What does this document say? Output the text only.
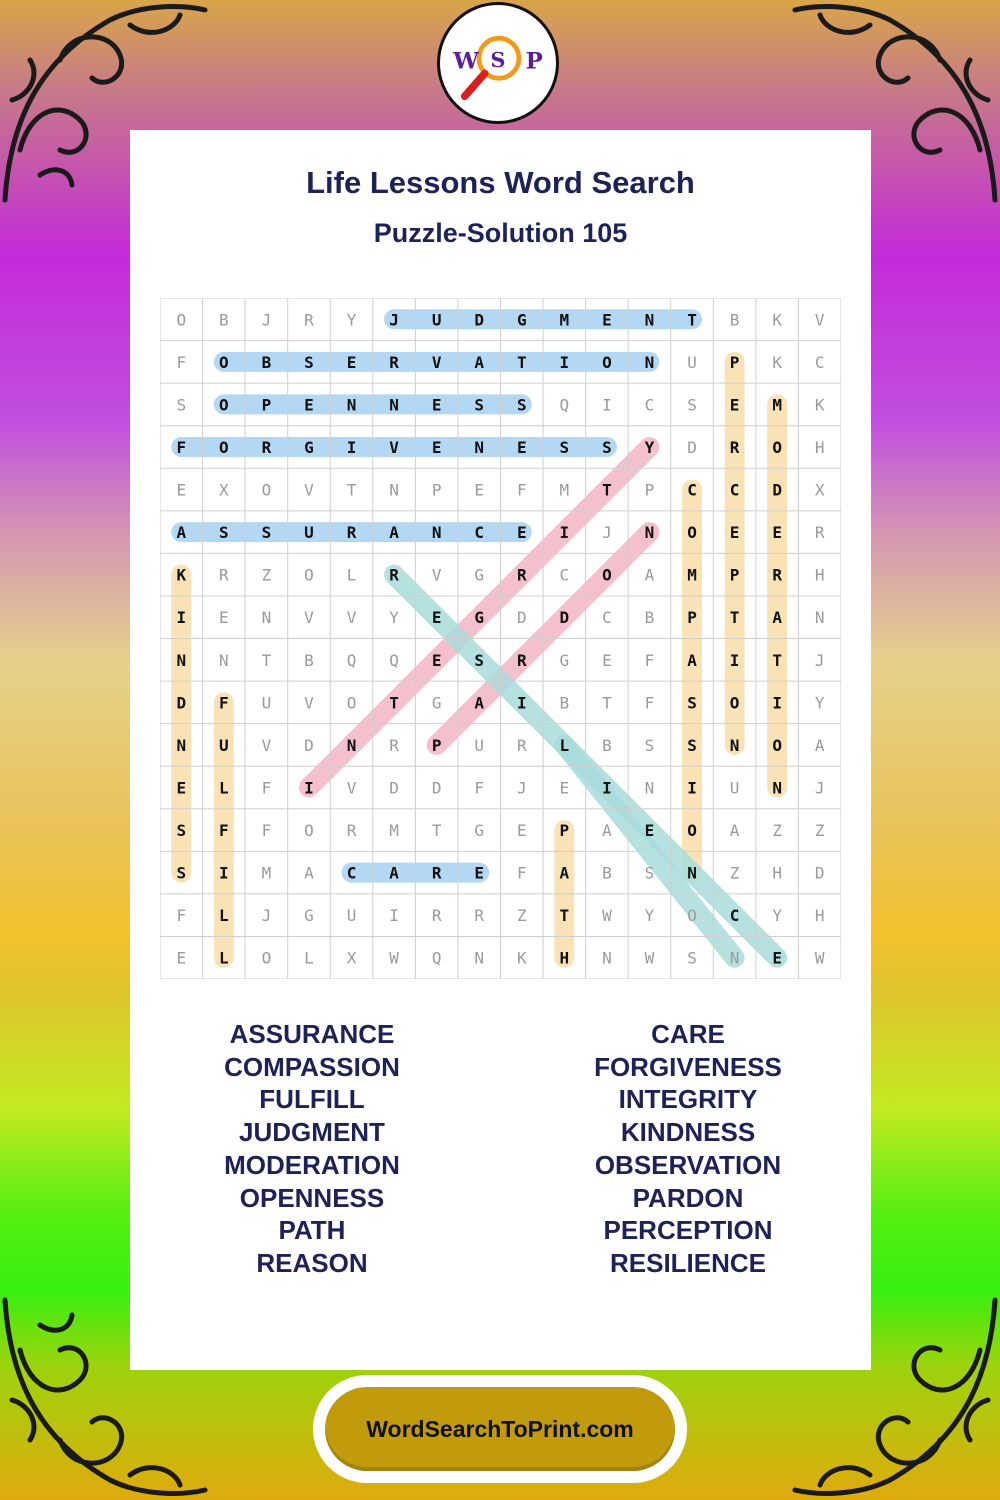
W S P
Life Lessons Word Search
Puzzle-Solution 105
O B J R Y J U D G M E N T B K V
F O B S E R V A T I O N U P K C
S O P E N N E S S Q I C S E M K
F O R G I V E N E S S Y D R O H
E X O V T N P E F M T P C C D X
A S S U R A N C E I J N O E E R
K R Z O L R V G R C O A M P R H
I E N V V Y E G D D C B P T A N
N N T B Q Q E S R G E F A I T J
D F U V O T G A I B T F S O I Y
N U V D N R P U R L B S S N O A
E L F I V D D F J E I N I U N J
S F F O R M T G E P A E O A Z Z
S I M A C A R E F A B S N Z H D
F L J G U I R R Z T W Y O C Y H
E L O L X W Q N K H N W S N E W
ASSURANCE
COMPASSION
FULFILL
JUDGMENT
MODERATION
OPENNESS
PATH
REASON
CARE
FORGIVENESS
INTEGRITY
KINDNESS
OBSERVATION
PARDON
PERCEPTION
RESILIENCE
WordSearchToPrint.com
